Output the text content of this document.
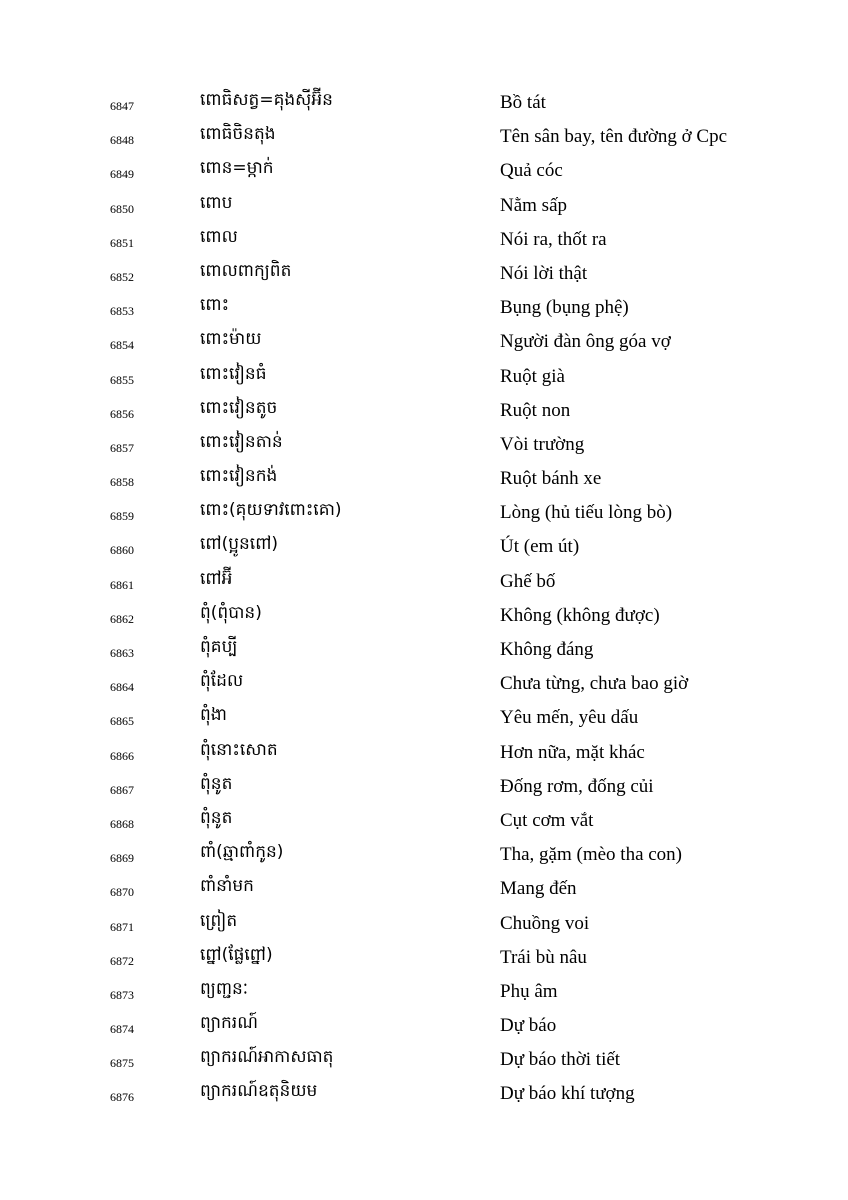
6847	ពោធិសត្វ=គុងស៊ីអ៊ីន	Bồ tát
6848	ពោធិចិនតុង	Tên sân bay, tên đường ở Cpc
6849	ពោន=ម្កាក់	Quả cóc
6850	ពោប	Nằm sấp
6851	ពោល	Nói ra, thốt ra
6852	ពោលពាក្យពិត	Nói lời thật
6853	ពោះ	Bụng (bụng phệ)
6854	ពោះម៉ាយ	Người đàn ông góa vợ
6855	ពោះវៀនធំ	Ruột già
6856	ពោះវៀនតូច	Ruột non
6857	ពោះវៀនតាន់	Vòi trường
6858	ពោះវៀនកង់	Ruột bánh xe
6859	ពោះ(គុយទាវពោះគោ)	Lòng (hủ tiếu lòng bò)
6860	ពៅ(ប្អូនពៅ)	Út (em út)
6861	ពៅអ៊ី	Ghế bố
6862	ពុំ(ពុំបាន)	Không (không được)
6863	ពុំគប្បី	Không đáng
6864	ពុំដែល	Chưa từng, chưa bao giờ
6865	ពុំងា	Yêu mến, yêu dấu
6866	ពុំនោះសោត	Hơn nữa, mặt khác
6867	ពុំនូត	Đống rơm, đống củi
6868	ពុំនូត	Cụt cơm vắt
6869	ពាំ(ឆ្មាពាំកូន)	Tha, gặm (mèo tha con)
6870	ពាំនាំមក	Mang đến
6871	ព្រៀត	Chuồng voi
6872	ព្នៅ(ផ្លែព្នៅ)	Trái bù nâu
6873	ព្យញ្ជនៈ	Phụ âm
6874	ព្យាករណ៍	Dự báo
6875	ព្យាករណ៍អាកាសធាតុ	Dự báo thời tiết
6876	ព្យាករណ៍ឧតុនិយម	Dự báo khí tượng
